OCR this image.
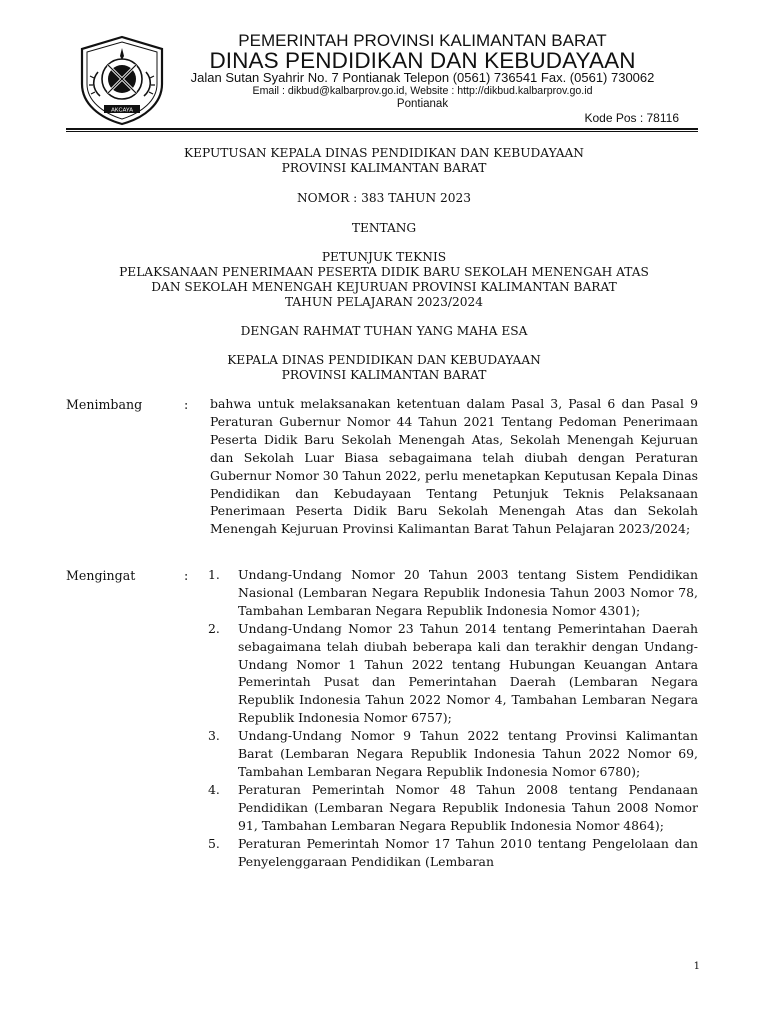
AKCAYA
PEMERINTAH PROVINSI KALIMANTAN BARAT
DINAS PENDIDIKAN DAN KEBUDAYAAN
Jalan Sutan Syahrir No. 7 Pontianak Telepon (0561) 736541 Fax. (0561) 730062
Email : dikbud@kalbarprov.go.id, Website : http://dikbud.kalbarprov.go.id
Pontianak
Kode Pos : 78116
KEPUTUSAN KEPALA DINAS PENDIDIKAN DAN KEBUDAYAAN
PROVINSI KALIMANTAN BARAT
NOMOR : 383 TAHUN 2023
TENTANG
PETUNJUK TEKNIS
PELAKSANAAN PENERIMAAN PESERTA DIDIK BARU SEKOLAH MENENGAH ATAS
DAN SEKOLAH MENENGAH KEJURUAN PROVINSI KALIMANTAN BARAT
TAHUN PELAJARAN 2023/2024
DENGAN RAHMAT TUHAN YANG MAHA ESA
KEPALA DINAS PENDIDIKAN DAN KEBUDAYAAN
PROVINSI KALIMANTAN BARAT
Menimbang	: bahwa untuk melaksanakan ketentuan dalam Pasal 3, Pasal 6 dan Pasal 9 Peraturan Gubernur Nomor 44 Tahun 2021 Tentang Pedoman Penerimaan Peserta Didik Baru Sekolah Menengah Atas, Sekolah Menengah Kejuruan dan Sekolah Luar Biasa sebagaimana telah diubah dengan Peraturan Gubernur Nomor 30 Tahun 2022, perlu menetapkan Keputusan Kepala Dinas Pendidikan dan Kebudayaan Tentang Petunjuk Teknis Pelaksanaan Penerimaan Peserta Didik Baru Sekolah Menengah Atas dan Sekolah Menengah Kejuruan Provinsi Kalimantan Barat Tahun Pelajaran 2023/2024;
Mengingat	: 1. Undang-Undang Nomor 20 Tahun 2003 tentang Sistem Pendidikan Nasional (Lembaran Negara Republik Indonesia Tahun 2003 Nomor 78, Tambahan Lembaran Negara Republik Indonesia Nomor 4301);
2. Undang-Undang Nomor 23 Tahun 2014 tentang Pemerintahan Daerah sebagaimana telah diubah beberapa kali dan terakhir dengan Undang-Undang Nomor 1 Tahun 2022 tentang Hubungan Keuangan Antara Pemerintah Pusat dan Pemerintahan Daerah (Lembaran Negara Republik Indonesia Tahun 2022 Nomor 4, Tambahan Lembaran Negara Republik Indonesia Nomor 6757);
3. Undang-Undang Nomor 9 Tahun 2022 tentang Provinsi Kalimantan Barat (Lembaran Negara Republik Indonesia Tahun 2022 Nomor 69, Tambahan Lembaran Negara Republik Indonesia Nomor 6780);
4. Peraturan Pemerintah Nomor 48 Tahun 2008 tentang Pendanaan Pendidikan (Lembaran Negara Republik Indonesia Tahun 2008 Nomor 91, Tambahan Lembaran Negara Republik Indonesia Nomor 4864);
5. Peraturan Pemerintah Nomor 17 Tahun 2010 tentang Pengelolaan dan Penyelenggaraan Pendidikan (Lembaran
1
